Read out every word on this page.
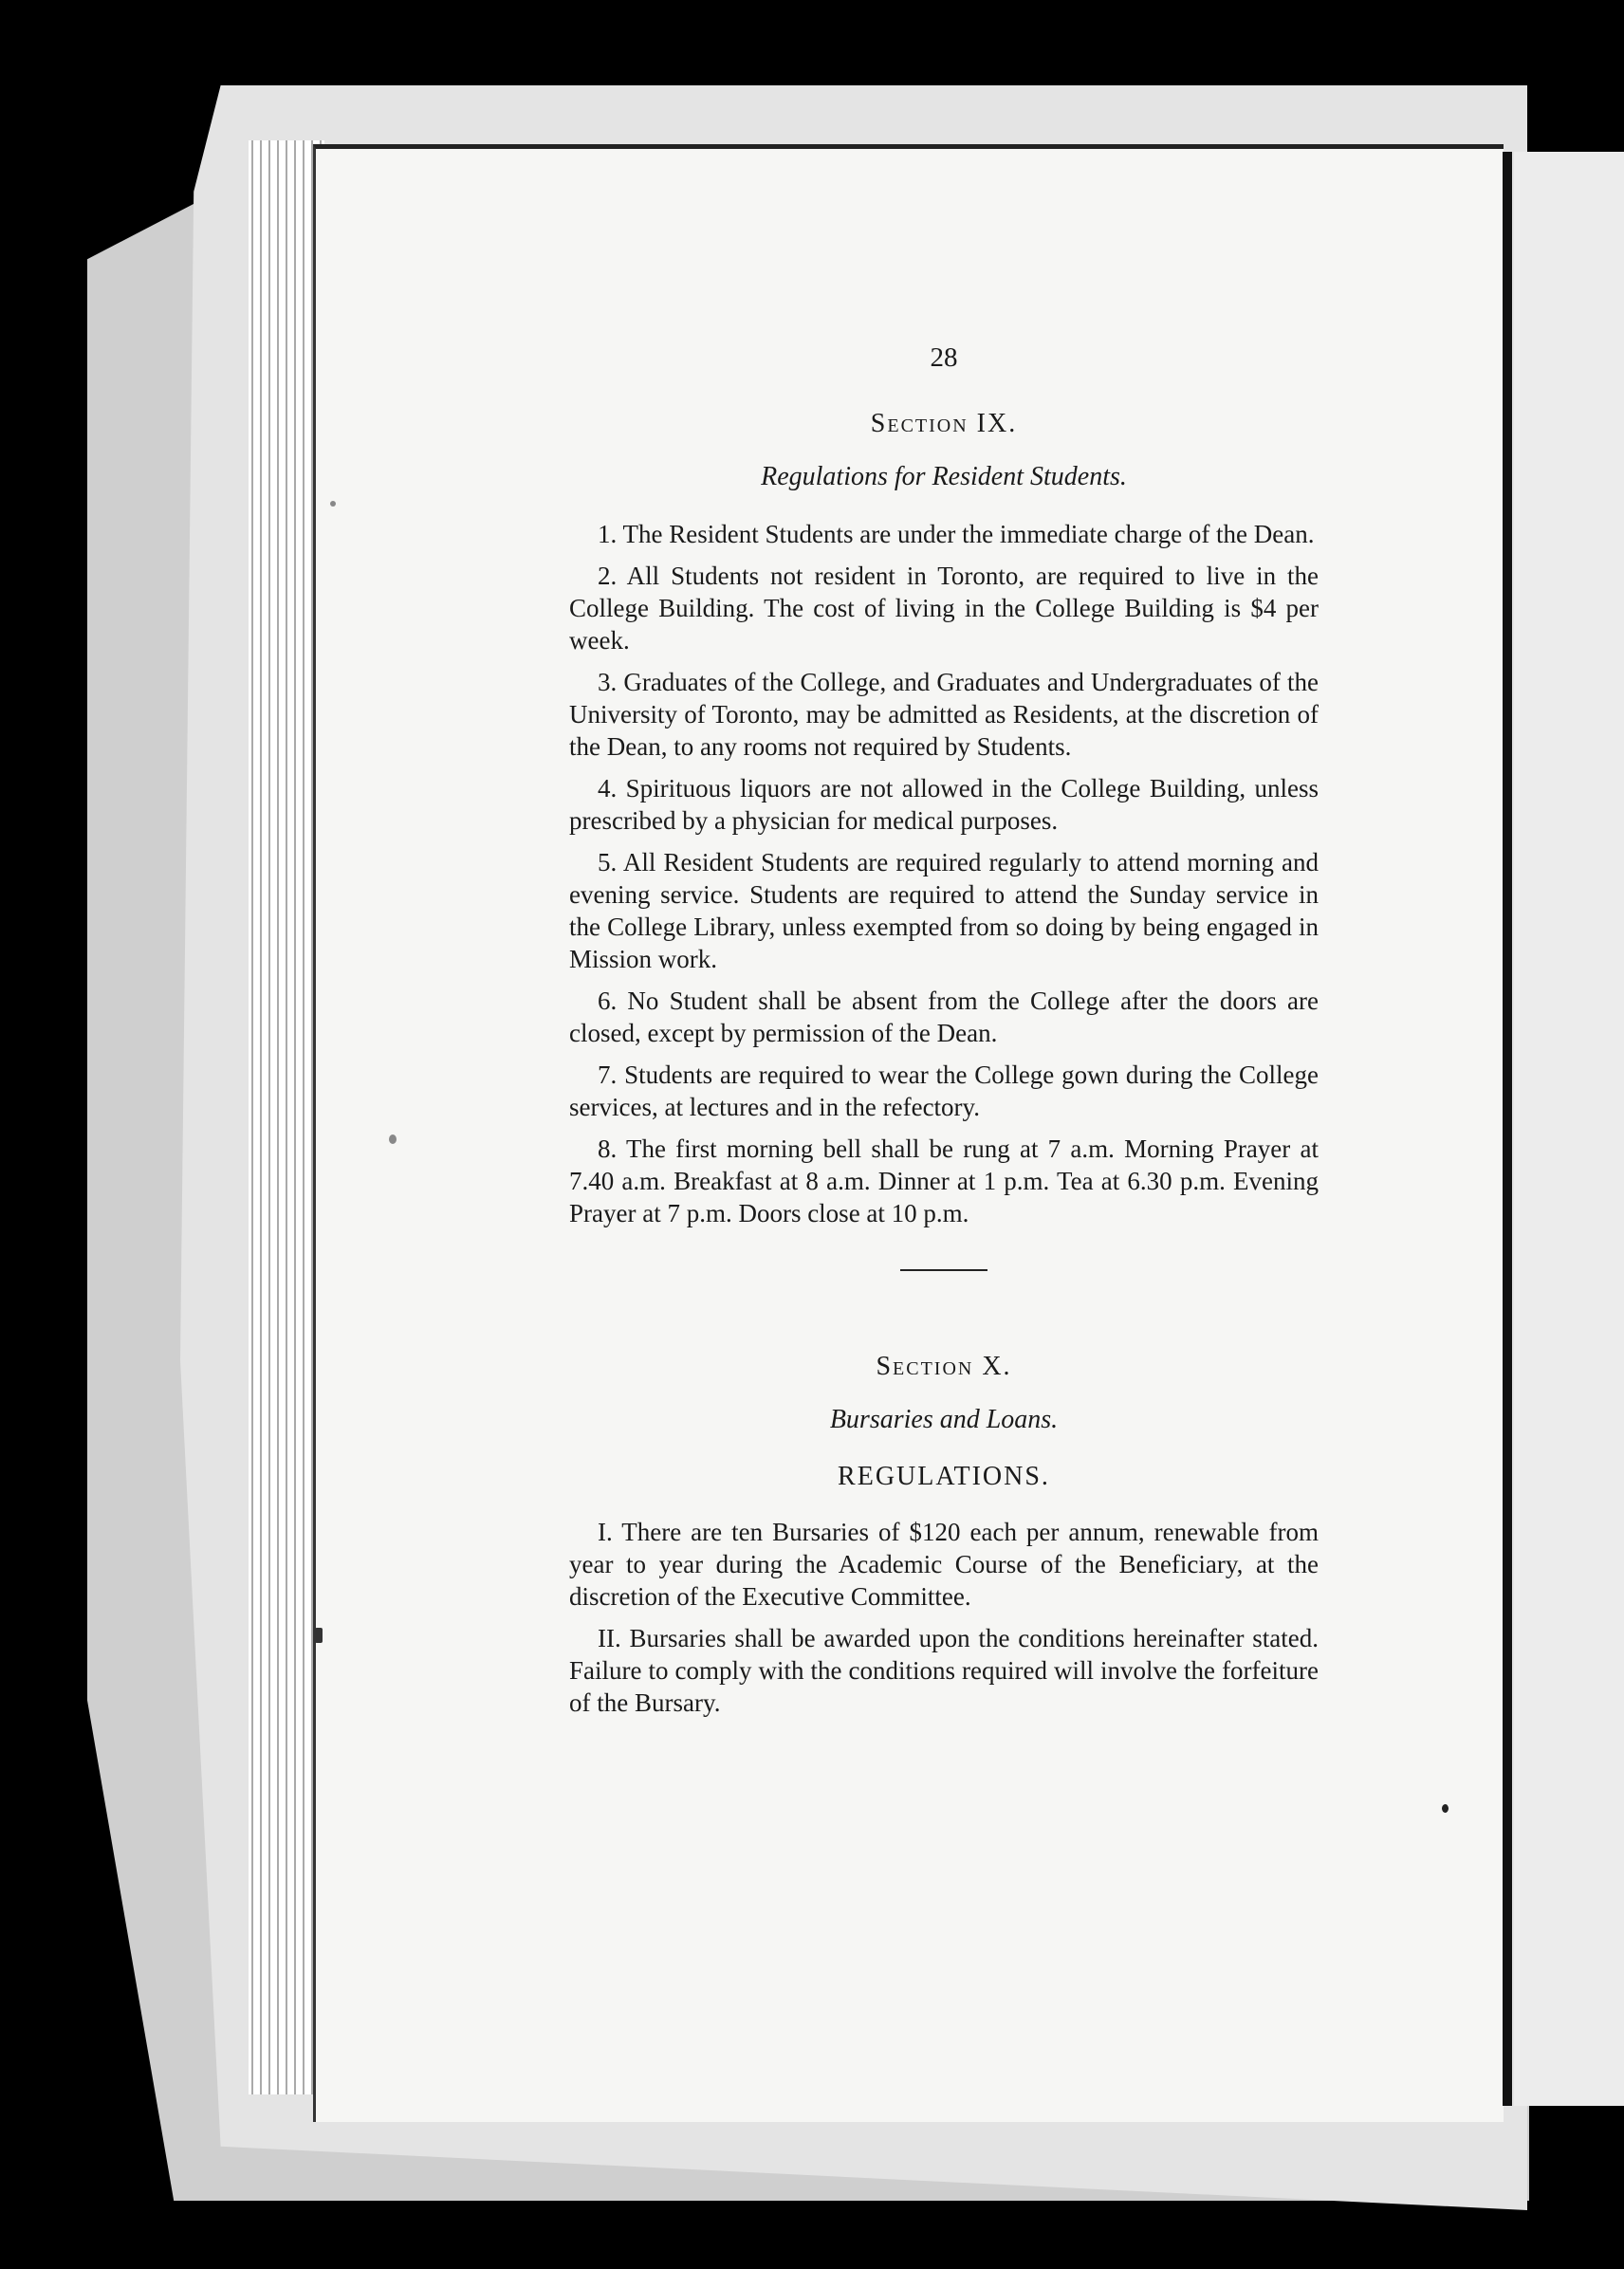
28
Section IX.
Regulations for Resident Students.

1. The Resident Students are under the immediate charge of the Dean.

2. All Students not resident in Toronto, are required to live in the College Building. The cost of living in the College Building is $4 per week.

3. Graduates of the College, and Graduates and Undergraduates of the University of Toronto, may be admitted as Residents, at the discretion of the Dean, to any rooms not required by Students.

4. Spirituous liquors are not allowed in the College Building, unless prescribed by a physician for medical purposes.

5. All Resident Students are required regularly to attend morning and evening service. Students are required to attend the Sunday service in the College Library, unless exempted from so doing by being engaged in Mission work.

6. No Student shall be absent from the College after the doors are closed, except by permission of the Dean.

7. Students are required to wear the College gown during the College services, at lectures and in the refectory.

8. The first morning bell shall be rung at 7 a.m. Morning Prayer at 7.40 a.m. Breakfast at 8 a.m. Dinner at 1 p.m. Tea at 6.30 p.m. Evening Prayer at 7 p.m. Doors close at 10 p.m.

Section X.
Bursaries and Loans.
REGULATIONS.

I. There are ten Bursaries of $120 each per annum, renewable from year to year during the Academic Course of the Beneficiary, at the discretion of the Executive Committee.

II. Bursaries shall be awarded upon the conditions hereinafter stated. Failure to comply with the conditions required will involve the forfeiture of the Bursary.
